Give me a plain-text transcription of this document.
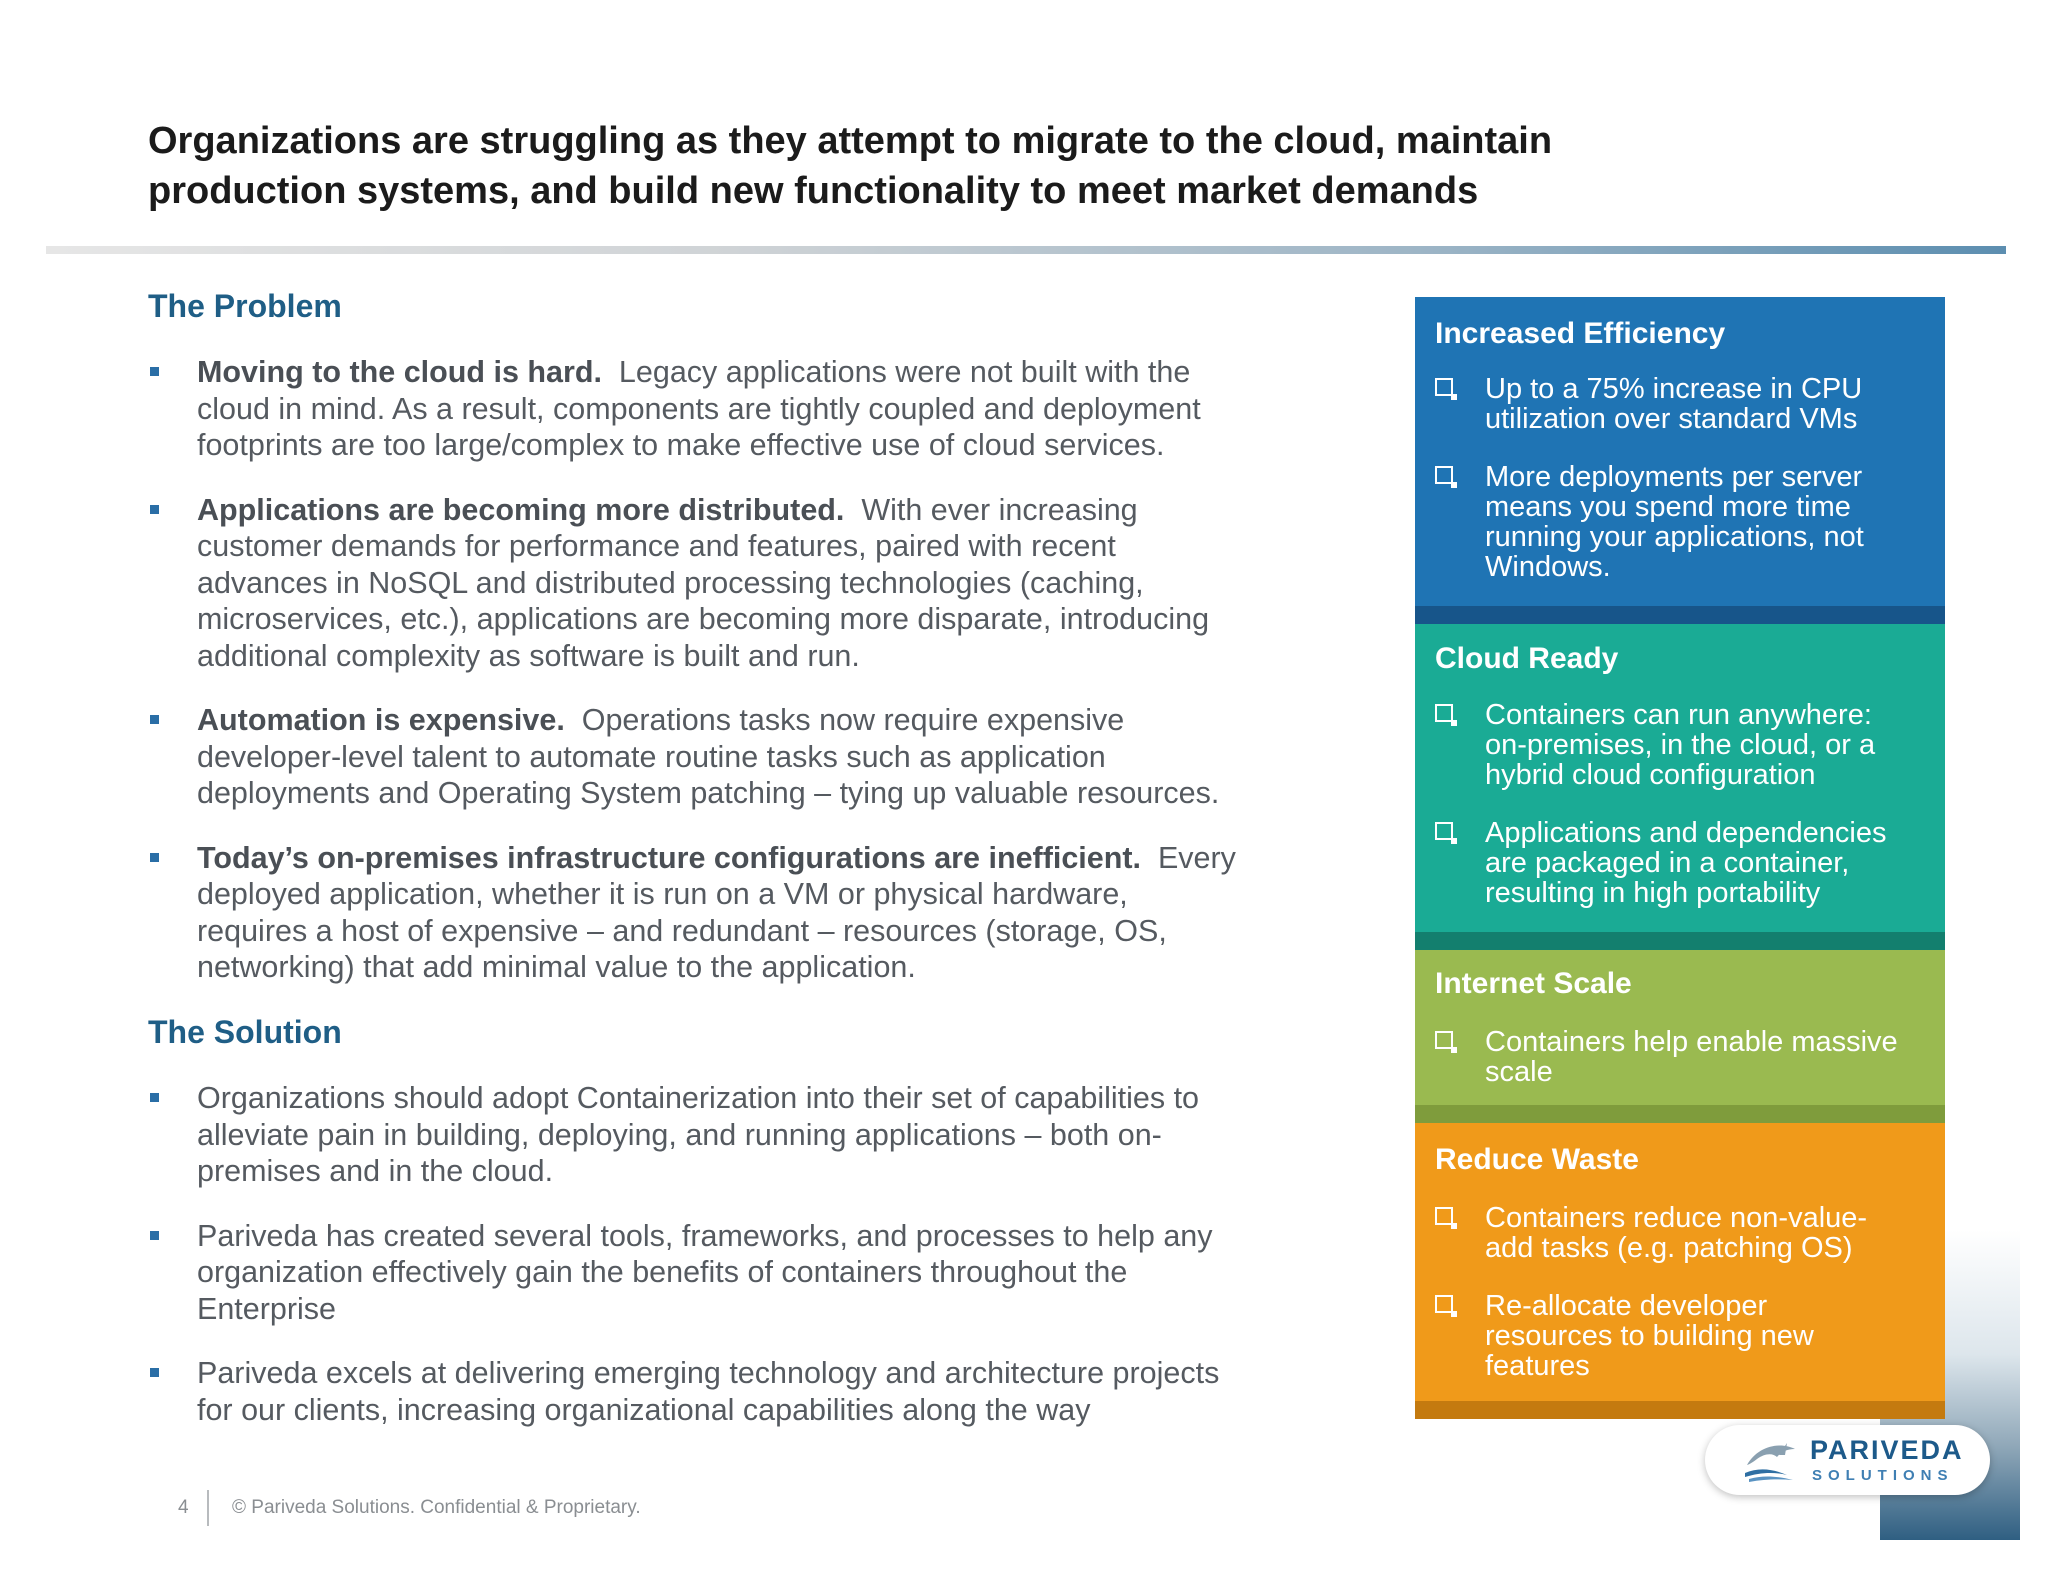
Organizations are struggling as they attempt to migrate to the cloud, maintain
production systems, and build new functionality to meet market demands
The Problem
Moving to the cloud is hard.  Legacy applications were not built with the
cloud in mind. As a result, components are tightly coupled and deployment
footprints are too large/complex to make effective use of cloud services.
Applications are becoming more distributed.  With ever increasing
customer demands for performance and features, paired with recent
advances in NoSQL and distributed processing technologies (caching,
microservices, etc.), applications are becoming more disparate, introducing
additional complexity as software is built and run.
Automation is expensive.  Operations tasks now require expensive
developer-level talent to automate routine tasks such as application
deployments and Operating System patching – tying up valuable resources.
Today’s on-premises infrastructure configurations are inefficient.  Every
deployed application, whether it is run on a VM or physical hardware,
requires a host of expensive – and redundant – resources (storage, OS,
networking) that add minimal value to the application.
The Solution
Organizations should adopt Containerization into their set of capabilities to
alleviate pain in building, deploying, and running applications – both on-
premises and in the cloud.
Pariveda has created several tools, frameworks, and processes to help any
organization effectively gain the benefits of containers throughout the
Enterprise
Pariveda excels at delivering emerging technology and architecture projects
for our clients, increasing organizational capabilities along the way
Increased Efficiency
Up to a 75% increase in CPU
utilization over standard VMs
More deployments per server
means you spend more time
running your applications, not
Windows.
Cloud Ready
Containers can run anywhere:
on-premises, in the cloud, or a
hybrid cloud configuration
Applications and dependencies
are packaged in a container,
resulting in high portability
Internet Scale
Containers help enable massive
scale
Reduce Waste
Containers reduce non-value-
add tasks (e.g. patching OS)
Re-allocate developer
resources to building new
features
4 © Pariveda Solutions. Confidential & Proprietary.
PARIVEDA
SOLUTIONS
